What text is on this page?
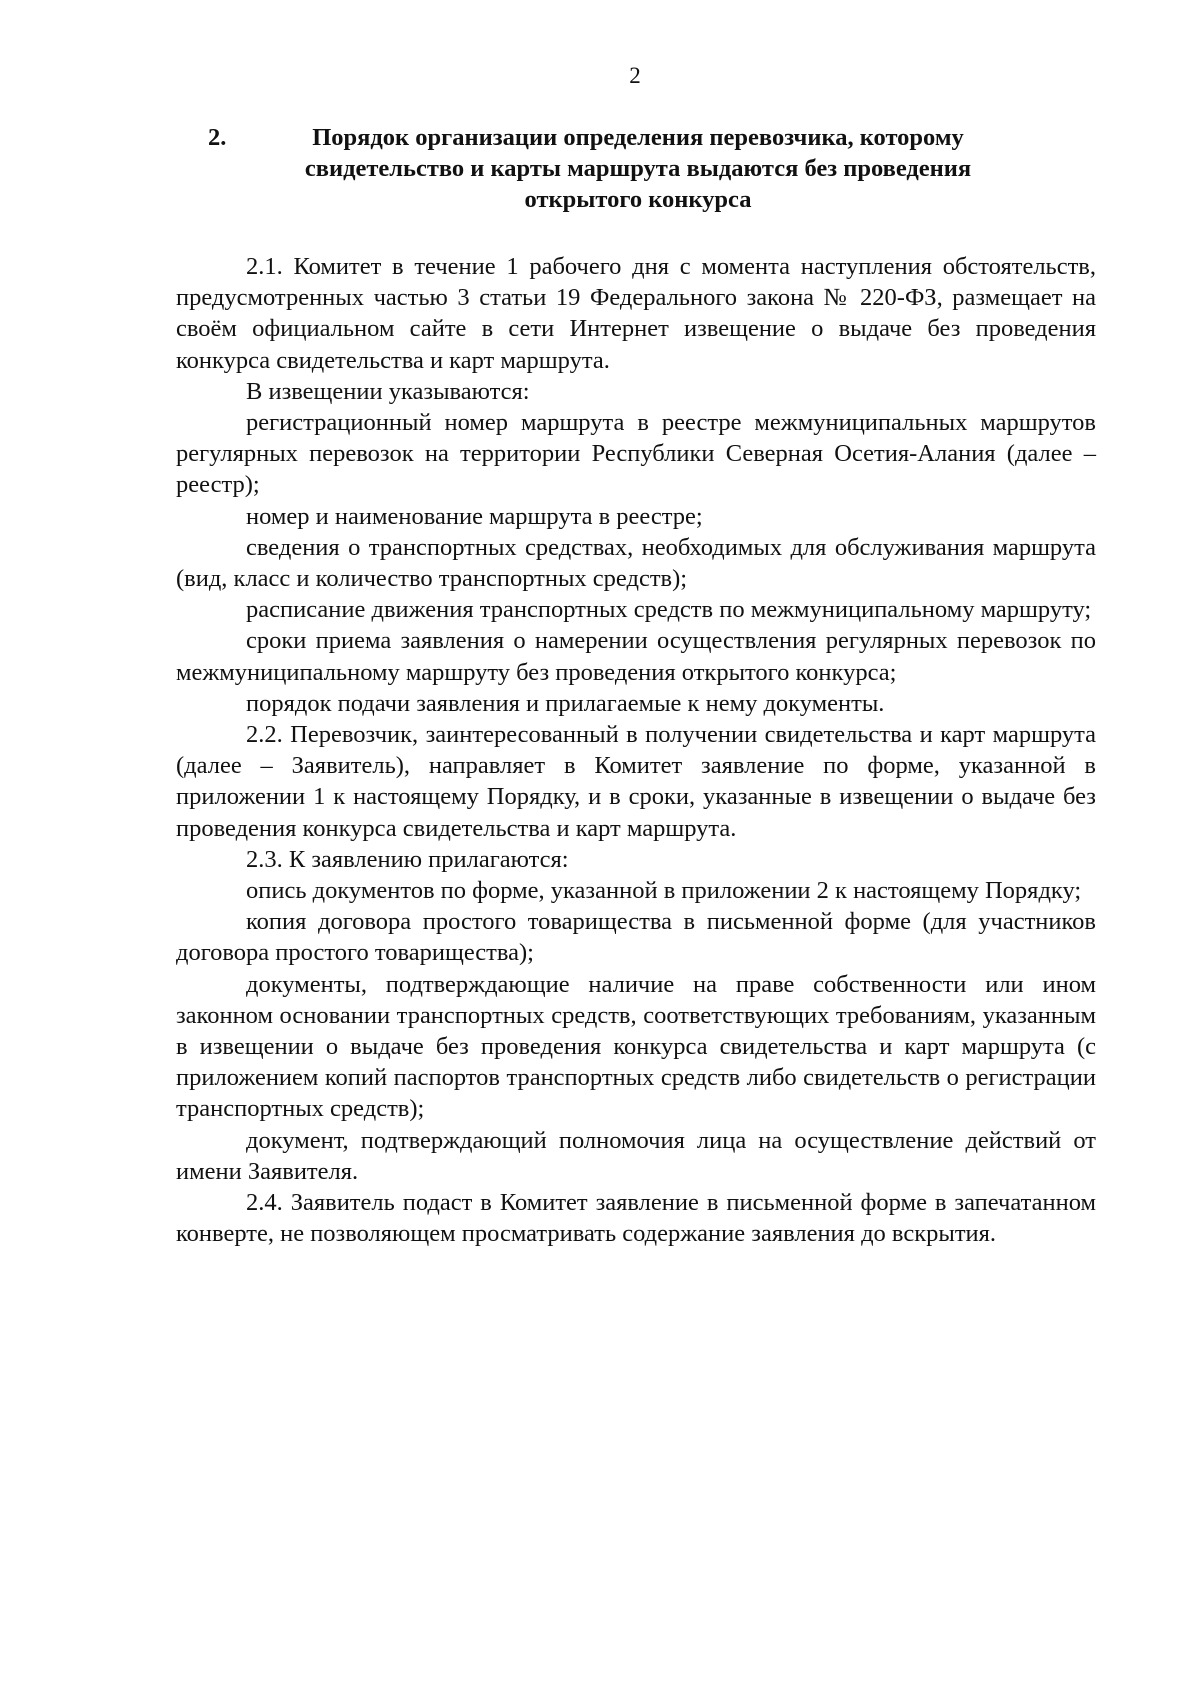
2
2.	Порядок организации определения перевозчика, которому
свидетельство и карты маршрута выдаются без проведения
открытого конкурса

2.1. Комитет в течение 1 рабочего дня с момента наступления обстоятельств, предусмотренных частью 3 статьи 19 Федерального закона № 220-ФЗ, размещает на своём официальном сайте в сети Интернет извещение о выдаче без проведения конкурса свидетельства и карт маршрута.

В извещении указываются:

регистрационный номер маршрута в реестре межмуниципальных маршрутов регулярных перевозок на территории Республики Северная Осетия-Алания (далее – реестр);

номер и наименование маршрута в реестре;

сведения о транспортных средствах, необходимых для обслуживания маршрута (вид, класс и количество транспортных средств);

расписание движения транспортных средств по межмуниципальному маршруту;

сроки приема заявления о намерении осуществления регулярных перевозок по межмуниципальному маршруту без проведения открытого конкурса;

порядок подачи заявления и прилагаемые к нему документы.

2.2. Перевозчик, заинтересованный в получении свидетельства и карт маршрута (далее – Заявитель), направляет в Комитет заявление по форме, указанной в приложении 1 к настоящему Порядку, и в сроки, указанные в извещении о выдаче без проведения конкурса свидетельства и карт маршрута.

2.3. К заявлению прилагаются:

опись документов по форме, указанной в приложении 2 к настоящему Порядку;

копия договора простого товарищества в письменной форме (для участников договора простого товарищества);

документы, подтверждающие наличие на праве собственности или ином законном основании транспортных средств, соответствующих требованиям, указанным в извещении о выдаче без проведения конкурса свидетельства и карт маршрута (с приложением копий паспортов транспортных средств либо свидетельств о регистрации транспортных средств);

документ, подтверждающий полномочия лица на осуществление действий от имени Заявителя.

2.4. Заявитель подаст в Комитет заявление в письменной форме в запечатанном конверте, не позволяющем просматривать содержание заявления до вскрытия.
